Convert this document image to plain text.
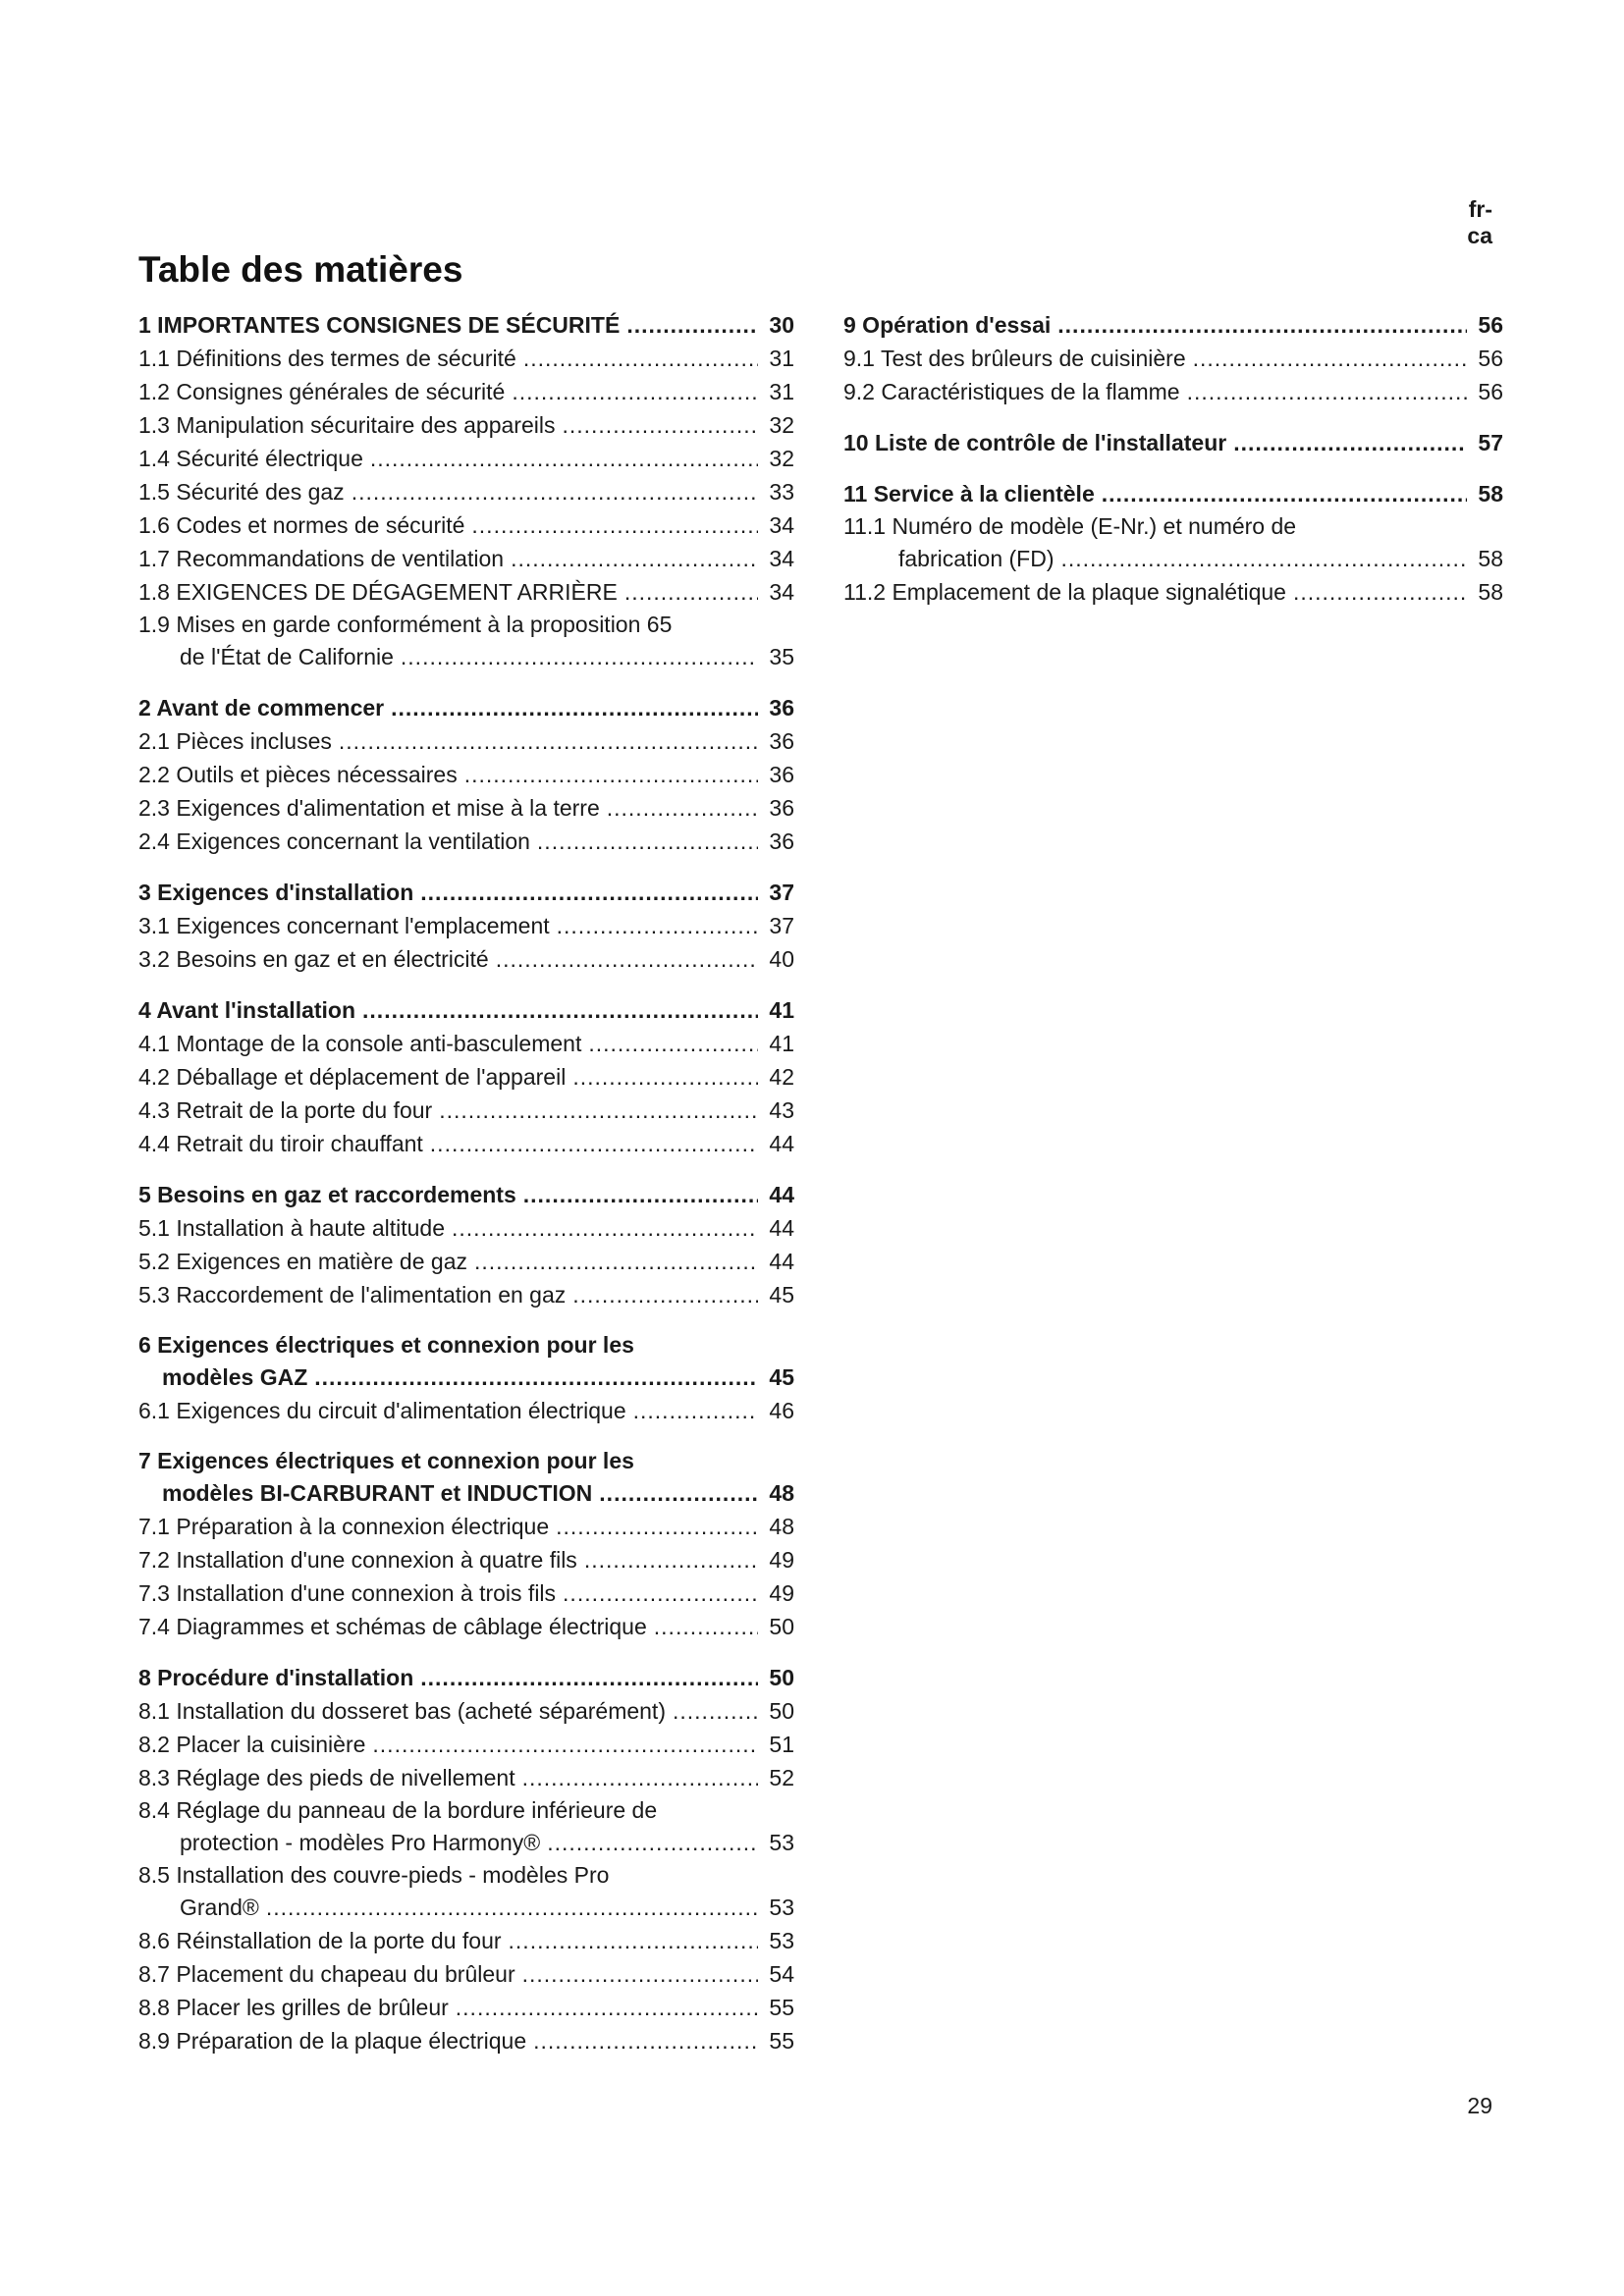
fr-ca
Table des matières
1 IMPORTANTES CONSIGNES DE SÉCURITÉ .....	30
1.1 Définitions des termes de sécurité .....	31
1.2 Consignes générales de sécurité .....	31
1.3 Manipulation sécuritaire des appareils .....	32
1.4 Sécurité électrique .....	32
1.5 Sécurité des gaz .....	33
1.6 Codes et normes de sécurité .....	34
1.7 Recommandations de ventilation .....	34
1.8 EXIGENCES DE DÉGAGEMENT ARRIÈRE .....	34
1.9 Mises en garde conformément à la proposition 65
de l'État de Californie .....	35
2 Avant de commencer .....	36
2.1 Pièces incluses .....	36
2.2 Outils et pièces nécessaires .....	36
2.3 Exigences d'alimentation et mise à la terre .....	36
2.4 Exigences concernant la ventilation .....	36
3 Exigences d'installation .....	37
3.1 Exigences concernant l'emplacement .....	37
3.2 Besoins en gaz et en électricité .....	40
4 Avant l'installation .....	41
4.1 Montage de la console anti-basculement .....	41
4.2 Déballage et déplacement de l'appareil .....	42
4.3 Retrait de la porte du four .....	43
4.4 Retrait du tiroir chauffant .....	44
5 Besoins en gaz et raccordements .....	44
5.1 Installation à haute altitude .....	44
5.2 Exigences en matière de gaz .....	44
5.3 Raccordement de l'alimentation en gaz .....	45
6 Exigences électriques et connexion pour les
modèles GAZ .....	45
6.1 Exigences du circuit d'alimentation électrique .....	46
7 Exigences électriques et connexion pour les
modèles BI-CARBURANT et INDUCTION .....	48
7.1 Préparation à la connexion électrique .....	48
7.2 Installation d'une connexion à quatre fils .....	49
7.3 Installation d'une connexion à trois fils .....	49
7.4 Diagrammes et schémas de câblage électrique .....	50
8 Procédure d'installation .....	50
8.1 Installation du dosseret bas (acheté séparément) .....	50
8.2 Placer la cuisinière .....	51
8.3 Réglage des pieds de nivellement .....	52
8.4 Réglage du panneau de la bordure inférieure de
protection - modèles Pro Harmony® .....	53
8.5 Installation des couvre-pieds - modèles Pro
Grand® .....	53
8.6 Réinstallation de la porte du four .....	53
8.7 Placement du chapeau du brûleur .....	54
8.8 Placer les grilles de brûleur .....	55
8.9 Préparation de la plaque électrique .....	55
9 Opération d'essai .....	56
9.1 Test des brûleurs de cuisinière .....	56
9.2 Caractéristiques de la flamme .....	56
10 Liste de contrôle de l'installateur .....	57
11 Service à la clientèle .....	58
11.1 Numéro de modèle (E-Nr.) et numéro de
fabrication (FD) .....	58
11.2 Emplacement de la plaque signalétique .....	58
29
